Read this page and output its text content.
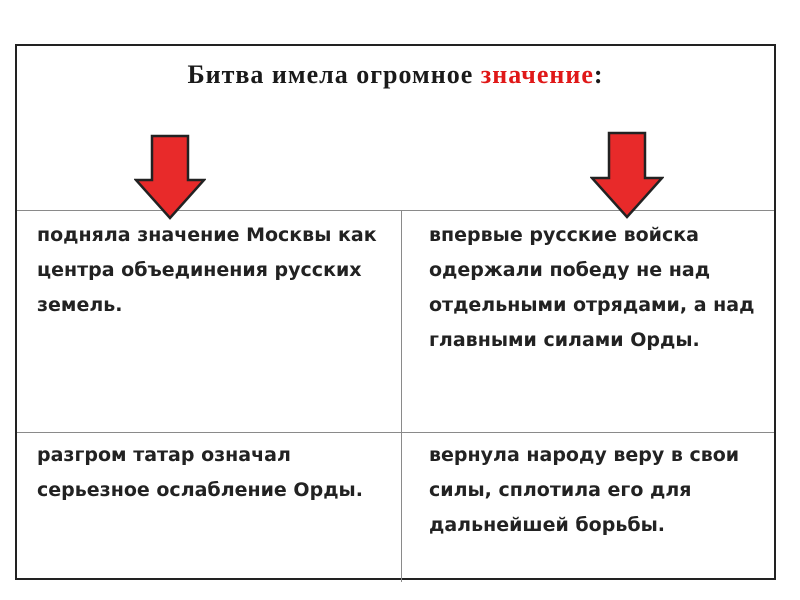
Битва имела огромное значение:
подняла значение Москвы как центра объединения русских земель.
впервые русские войска одержали победу не над отдельными отрядами, а над главными силами Орды.
разгром татар означал серьезное ослабление Орды.
вернула народу веру в свои силы, сплотила его для дальнейшей борьбы.
